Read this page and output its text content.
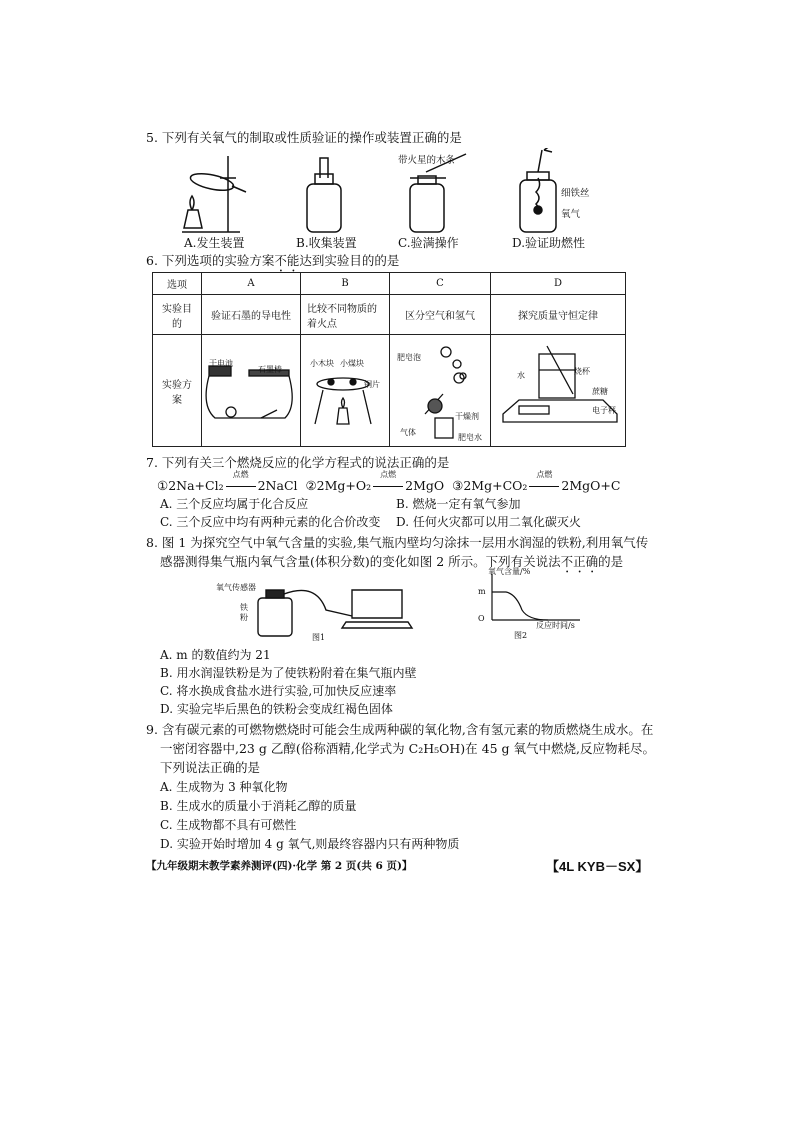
5. 下列有关氧气的制取或性质验证的操作或装置正确的是
带火星的木条
细铁丝
氧气
A.发生装置	B.收集装置	C.验满操作	D.验证助燃性
6. 下列选项的实验方案不能达到实验目的的是
选项	A	B	C	D
实验目的	验证石墨的导电性	比较不同物质的着火点	区分空气和氢气	探究质量守恒定律
实验方案				
干电池
石墨棒
小木块 小煤块
铜片
肥皂泡
干燥剂
气体
肥皂水
水	烧杯
蔗糖
电子秤
7. 下列有关三个燃烧反应的化学方程式的说法正确的是
①2Na+Cl₂
点燃
2NaCl ②2Mg+O₂
点燃
2MgO ③2Mg+CO₂
点燃
2MgO+C
A. 三个反应均属于化合反应	B. 燃烧一定有氧气参加
C. 三个反应中均有两种元素的化合价改变 D. 任何火灾都可以用二氧化碳灭火
8. 图 1 为探究空气中氧气含量的实验,集气瓶内壁均匀涂抹一层用水润湿的铁粉,利用氧气传
感器测得集气瓶内氧气含量(体积分数)的变化如图 2 所示。下列有关说法不正确的是
氧气传感器
铁
粉
图1
氧气含量/%
m
O
反应时间/s
图2
A. m 的数值约为 21
B. 用水润湿铁粉是为了使铁粉附着在集气瓶内壁
C. 将水换成食盐水进行实验,可加快反应速率
D. 实验完毕后黑色的铁粉会变成红褐色固体
9. 含有碳元素的可燃物燃烧时可能会生成两种碳的氧化物,含有氢元素的物质燃烧生成水。在
一密闭容器中,23 g 乙醇(俗称酒精,化学式为 C₂H₅OH)在 45 g 氧气中燃烧,反应物耗尽。
下列说法正确的是
A. 生成物为 3 种氧化物
B. 生成水的质量小于消耗乙醇的质量
C. 生成物都不具有可燃性
D. 实验开始时增加 4 g 氧气,则最终容器内只有两种物质
【九年级期末教学素养测评(四)·化学 第 2 页(共 6 页)】	【4L KYB－SX】
